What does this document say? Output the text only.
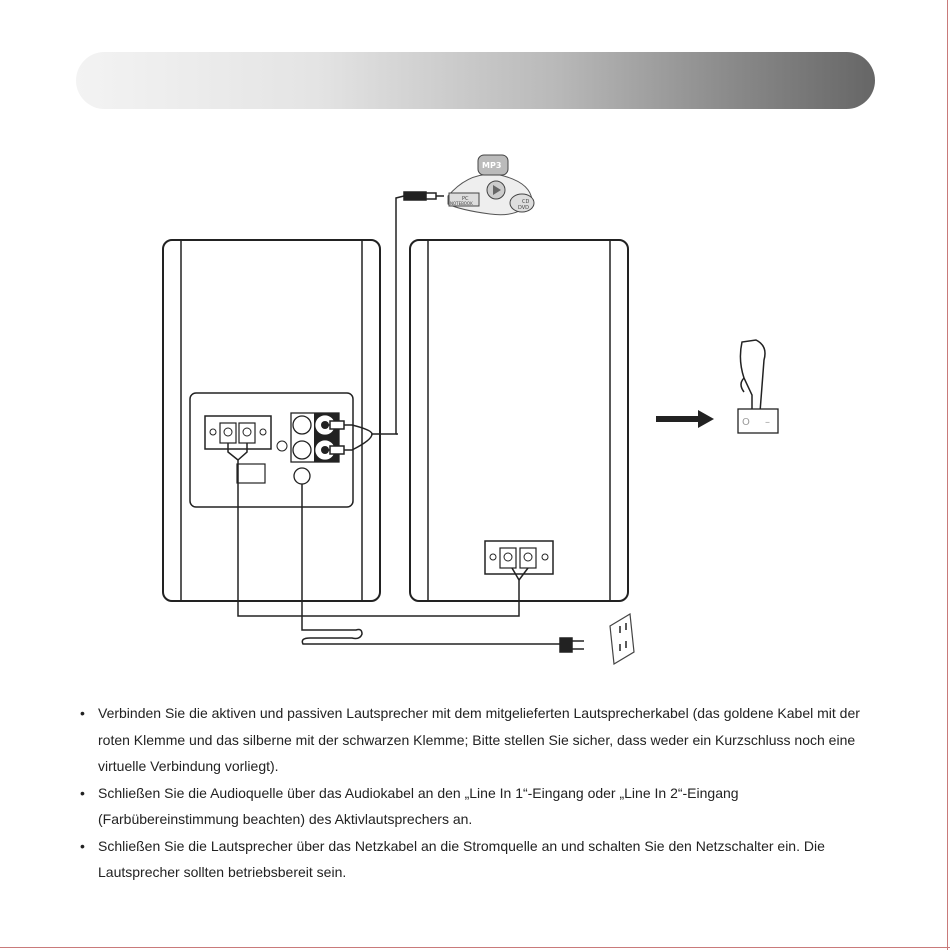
MP3
PC
NOTEBOOK	CD
DVD
O –
• Verbinden Sie die aktiven und passiven Lautsprecher mit dem mitgelieferten Lautsprecherkabel (das goldene Kabel mit der roten Klemme und das silberne mit der schwarzen Klemme; Bitte stellen Sie sicher, dass weder ein Kurzschluss noch eine virtuelle Verbindung vorliegt).
• Schließen Sie die Audioquelle über das Audiokabel an den „Line In 1“-Eingang oder „Line In 2“-Eingang (Farbübereinstimmung beachten) des Aktivlautsprechers an.
• Schließen Sie die Lautsprecher über das Netzkabel an die Stromquelle an und schalten Sie den Netzschalter ein. Die Lautsprecher sollten betriebsbereit sein.
